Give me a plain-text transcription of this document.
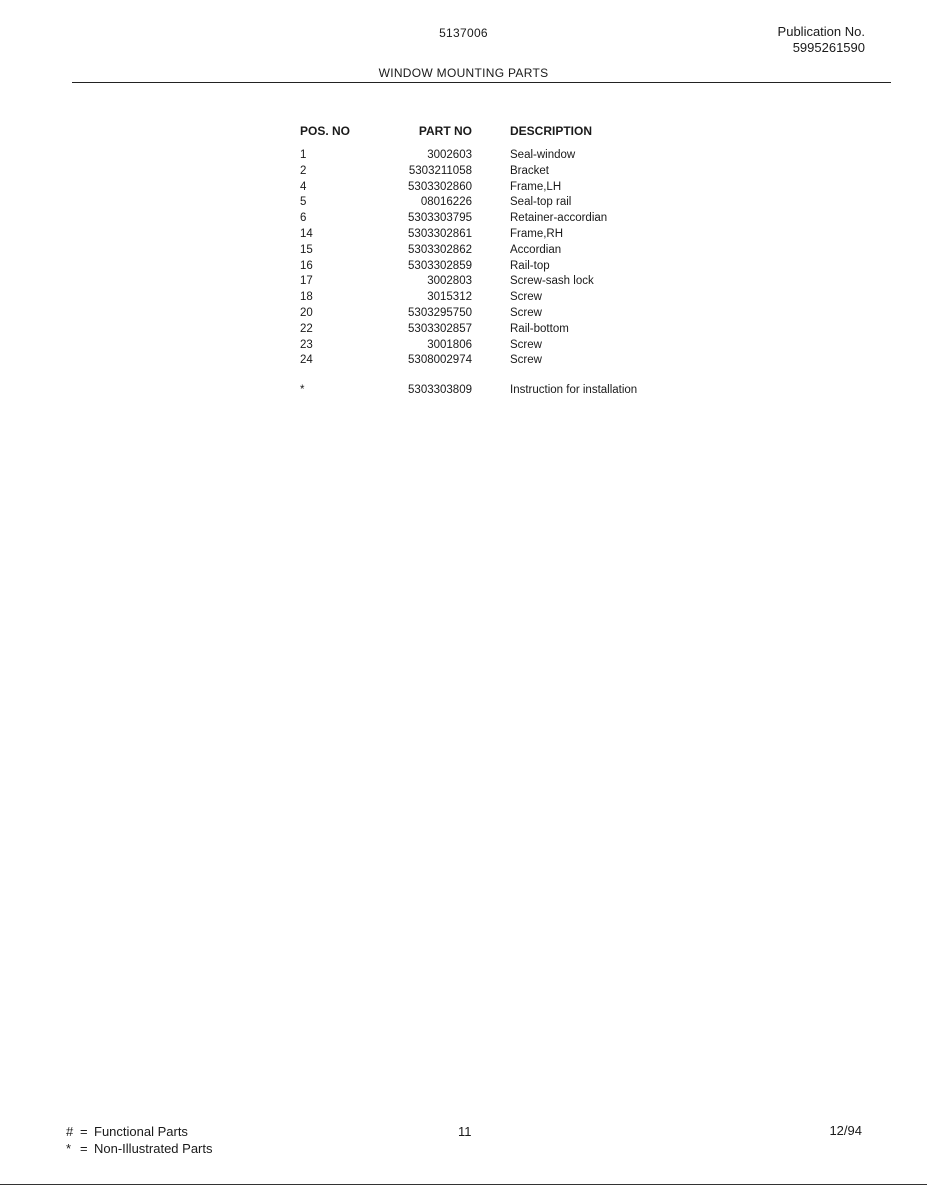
5137006	Publication No.
5995261590
WINDOW MOUNTING PARTS
POS. NO	PART NO	DESCRIPTION
1	3002603	Seal-window
2	5303211058	Bracket
4	5303302860	Frame,LH
5	08016226	Seal-top rail
6	5303303795	Retainer-accordian
14	5303302861	Frame,RH
15	5303302862	Accordian
16	5303302859	Rail-top
17	3002803	Screw-sash lock
18	3015312	Screw
20	5303295750	Screw
22	5303302857	Rail-bottom
23	3001806	Screw
24	5308002974	Screw

*	5303303809	Instruction for installation
# = Functional Parts
* = Non-Illustrated Parts
11	12/94
